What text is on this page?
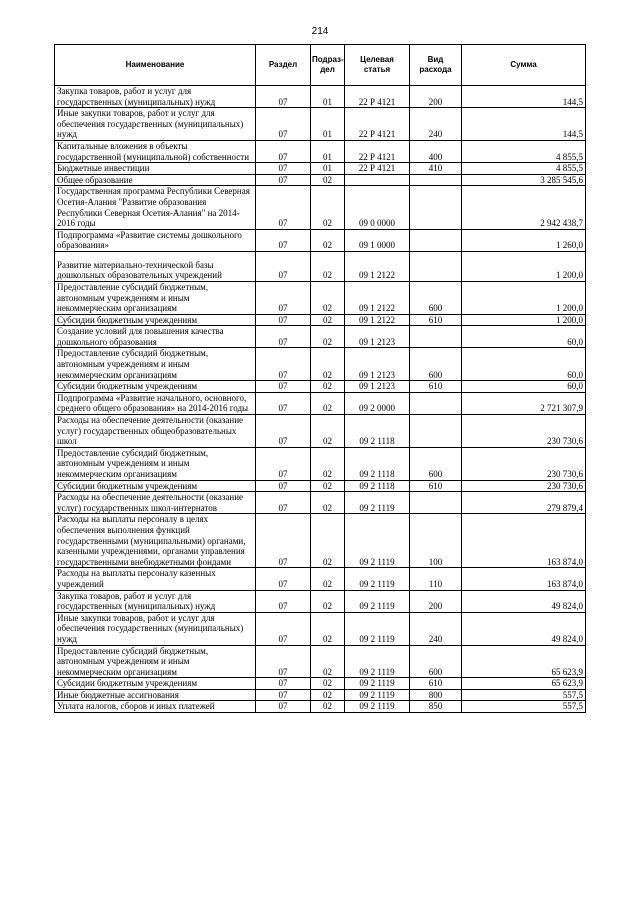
214
Наименование	Раздел	Подраз-дел	Целевая статья	Вид расхода	Сумма
Закупка товаров, работ и услуг для государственных (муниципальных) нужд	07	01	22 Р 4121	200	144,5
Иные закупки товаров, работ и услуг для обеспечения государственных (муниципальных) нужд	07	01	22 Р 4121	240	144,5
Капитальные вложения в объекты государственной (муниципальной) собственности	07	01	22 Р 4121	400	4 855,5
Бюджетные инвестиции	07	01	22 Р 4121	410	4 855,5
Общее образование	07	02			3 285 545,6
Государственная программа Республики Северная Осетия-Алания "Развитие образования Республики Северная Осетия-Алания" на 2014-2016 годы	07	02	09 0 0000		2 942 438,7
Подпрограмма «Развитие системы дошкольного образования»	07	02	09 1 0000		1 260,0
Развитие материально-технической базы дошкольных образовательных учреждений	07	02	09 1 2122		1 200,0
Предоставление субсидий бюджетным, автономным учреждениям и иным некоммерческим организациям	07	02	09 1 2122	600	1 200,0
Субсидии бюджетным учреждениям	07	02	09 1 2122	610	1 200,0
Создание условий для повышения качества дошкольного образования	07	02	09 1 2123		60,0
Предоставление субсидий бюджетным, автономным учреждениям и иным некоммерческим организациям	07	02	09 1 2123	600	60,0
Субсидии бюджетным учреждениям	07	02	09 1 2123	610	60,0
Подпрограмма «Развитие начального, основного, среднего общего образования» на 2014-2016 годы	07	02	09 2 0000		2 721 307,9
Расходы на обеспечение деятельности (оказание услуг) государственных общеобразовательных школ	07	02	09 2 1118		230 730,6
Предоставление субсидий бюджетным, автономным учреждениям и иным некоммерческим организациям	07	02	09 2 1118	600	230 730,6
Субсидии бюджетным учреждениям	07	02	09 2 1118	610	230 730,6
Расходы на обеспечение деятельности (оказание услуг) государственных школ-интернатов	07	02	09 2 1119		279 879,4
Расходы на выплаты персоналу в целях обеспечения выполнения функций государственными (муниципальными) органами, казенными учреждениями, органами управления государственными внебюджетными фондами	07	02	09 2 1119	100	163 874,0
Расходы на выплаты персоналу казенных учреждений	07	02	09 2 1119	110	163 874,0
Закупка товаров, работ и услуг для государственных (муниципальных) нужд	07	02	09 2 1119	200	49 824,0
Иные закупки товаров, работ и услуг для обеспечения государственных (муниципальных) нужд	07	02	09 2 1119	240	49 824,0
Предоставление субсидий бюджетным, автономным учреждениям и иным некоммерческим организациям	07	02	09 2 1119	600	65 623,9
Субсидии бюджетным учреждениям	07	02	09 2 1119	610	65 623,9
Иные бюджетные ассигнования	07	02	09 2 1119	800	557,5
Уплата налогов, сборов и иных платежей	07	02	09 2 1119	850	557,5
